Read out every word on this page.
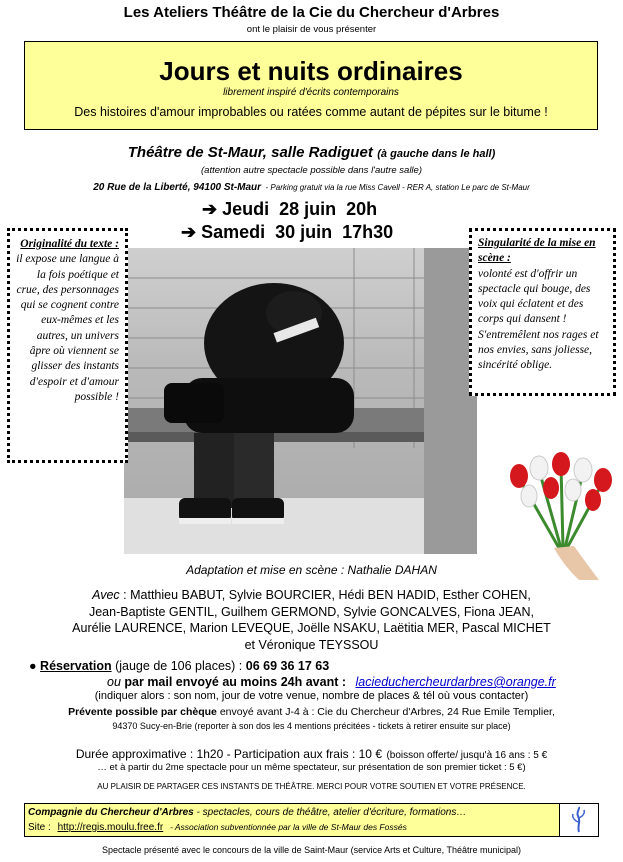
Les Ateliers Théâtre de la Cie du Chercheur d'Arbres
ont le plaisir de vous présenter
Jours et nuits ordinaires
librement inspiré d'écrits contemporains
Des histoires d'amour improbables ou ratées comme autant de pépites sur le bitume !
Théâtre de St-Maur, salle Radiguet (à gauche dans le hall)
(attention autre spectacle possible dans l'autre salle)
20 Rue de la Liberté, 94100 St-Maur - Parking gratuit via la rue Miss Cavell - RER A, station Le parc de St-Maur
➔ Jeudi  28 juin  20h
➔ Samedi  30 juin  17h30
Originalité du texte :
il expose une langue à la fois poétique et crue, des personnages qui se cognent contre eux-mêmes et les autres, un univers âpre où viennent se glisser des instants d'espoir et d'amour possible !
Singularité de la mise en scène :
volonté est d'offrir un spectacle qui bouge, des voix qui éclatent et des corps qui dansent ! S'entremêlent nos rages et nos envies, sans joliesse, sincérité oblige.
Adaptation et mise en scène : Nathalie DAHAN
Avec : Matthieu BABUT, Sylvie BOURCIER, Hédi BEN HADID, Esther COHEN,
Jean-Baptiste GENTIL, Guilhem GERMOND, Sylvie GONCALVES, Fiona JEAN,
Aurélie LAURENCE, Marion LEVEQUE, Joëlle NSAKU, Laëtitia MER, Pascal MICHET
et Véronique TEYSSOU
● Réservation (jauge de 106 places) : 06 69 36 17 63
ou par mail envoyé au moins 24h avant : lacieduchercheurdarbres@orange.fr
(indiquer alors : son nom, jour de votre venue, nombre de places & tél où vous contacter)
Prévente possible par chèque envoyé avant J-4 à : Cie du Chercheur d'Arbres, 24 Rue Emile Templier,
94370 Sucy-en-Brie (reporter à son dos les 4 mentions précitées - tickets à retirer ensuite sur place)
Durée approximative : 1h20 - Participation aux frais : 10 € (boisson offerte/ jusqu'à 16 ans : 5 €
… et à partir du 2me spectacle pour un même spectateur, sur présentation de son premier ticket : 5 €)
AU PLAISIR DE PARTAGER CES INSTANTS DE THÉÂTRE. MERCI POUR VOTRE SOUTIEN ET VOTRE PRÉSENCE.
Compagnie du Chercheur d'Arbres - spectacles, cours de théâtre, atelier d'écriture, formations…
Site : http://regis.moulu.free.fr - Association subventionnée par la ville de St-Maur des Fossés
Spectacle présenté avec le concours de la ville de Saint-Maur (service Arts et Culture, Théâtre municipal)
